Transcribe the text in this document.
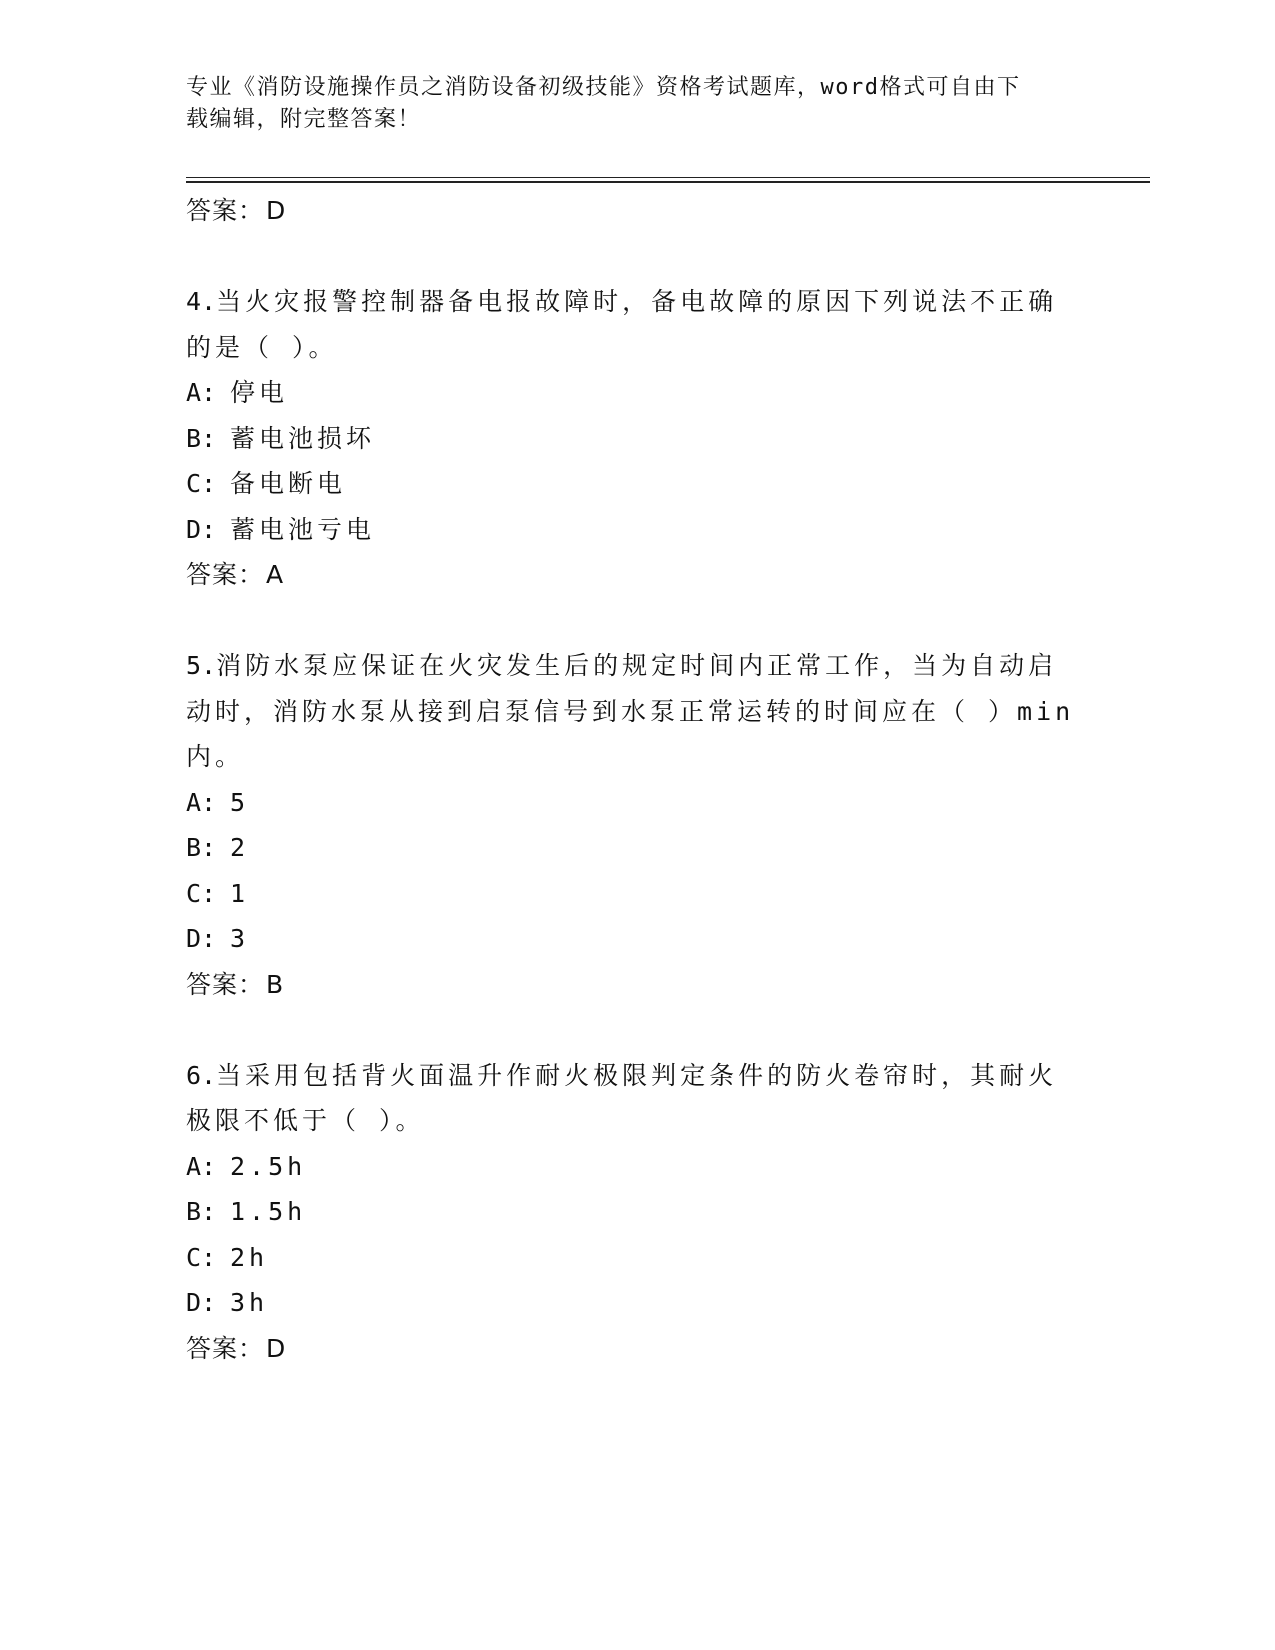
专业《消防设施操作员之消防设备初级技能》资格考试题库，word格式可自由下
载编辑，附完整答案！
答案：D
4.当火灾报警控制器备电报故障时，备电故障的原因下列说法不正确
的是（ ）。
A: 停电
B: 蓄电池损坏
C: 备电断电
D: 蓄电池亏电
答案：A
5.消防水泵应保证在火灾发生后的规定时间内正常工作，当为自动启
动时，消防水泵从接到启泵信号到水泵正常运转的时间应在（ ）min
内。
A: 5
B: 2
C: 1
D: 3
答案：B
6.当采用包括背火面温升作耐火极限判定条件的防火卷帘时，其耐火
极限不低于（ ）。
A: 2.5h
B: 1.5h
C: 2h
D: 3h
答案：D
